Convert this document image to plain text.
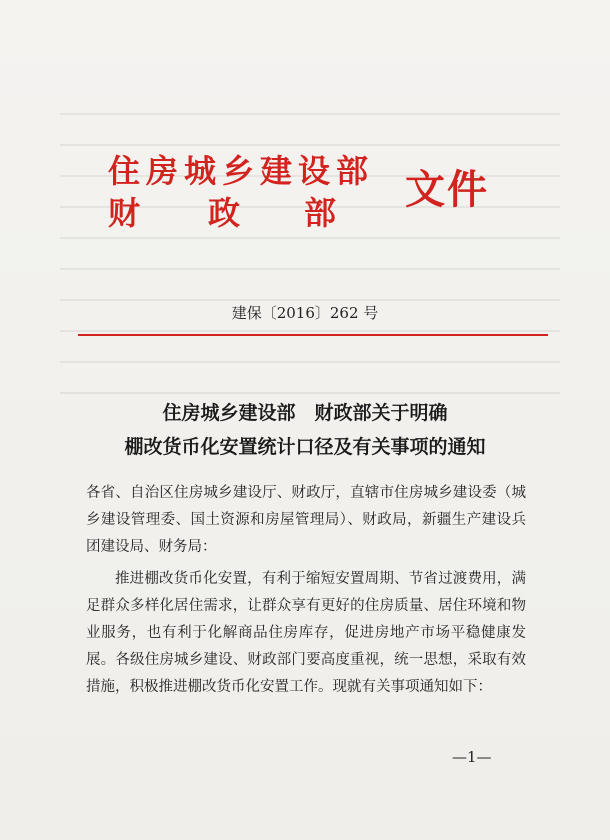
住房城乡建设部
财 政 部 文件
建保〔2016〕262 号
住房城乡建设部　财政部关于明确
棚改货币化安置统计口径及有关事项的通知
各省、自治区住房城乡建设厅、财政厅，直辖市住房城乡建设委（城乡建设管理委、国土资源和房屋管理局）、财政局，新疆生产建设兵团建设局、财务局：
推进棚改货币化安置，有利于缩短安置周期、节省过渡费用，满足群众多样化居住需求，让群众享有更好的住房质量、居住环境和物业服务，也有利于化解商品住房库存，促进房地产市场平稳健康发展。各级住房城乡建设、财政部门要高度重视，统一思想，采取有效措施，积极推进棚改货币化安置工作。现就有关事项通知如下：
—1—
